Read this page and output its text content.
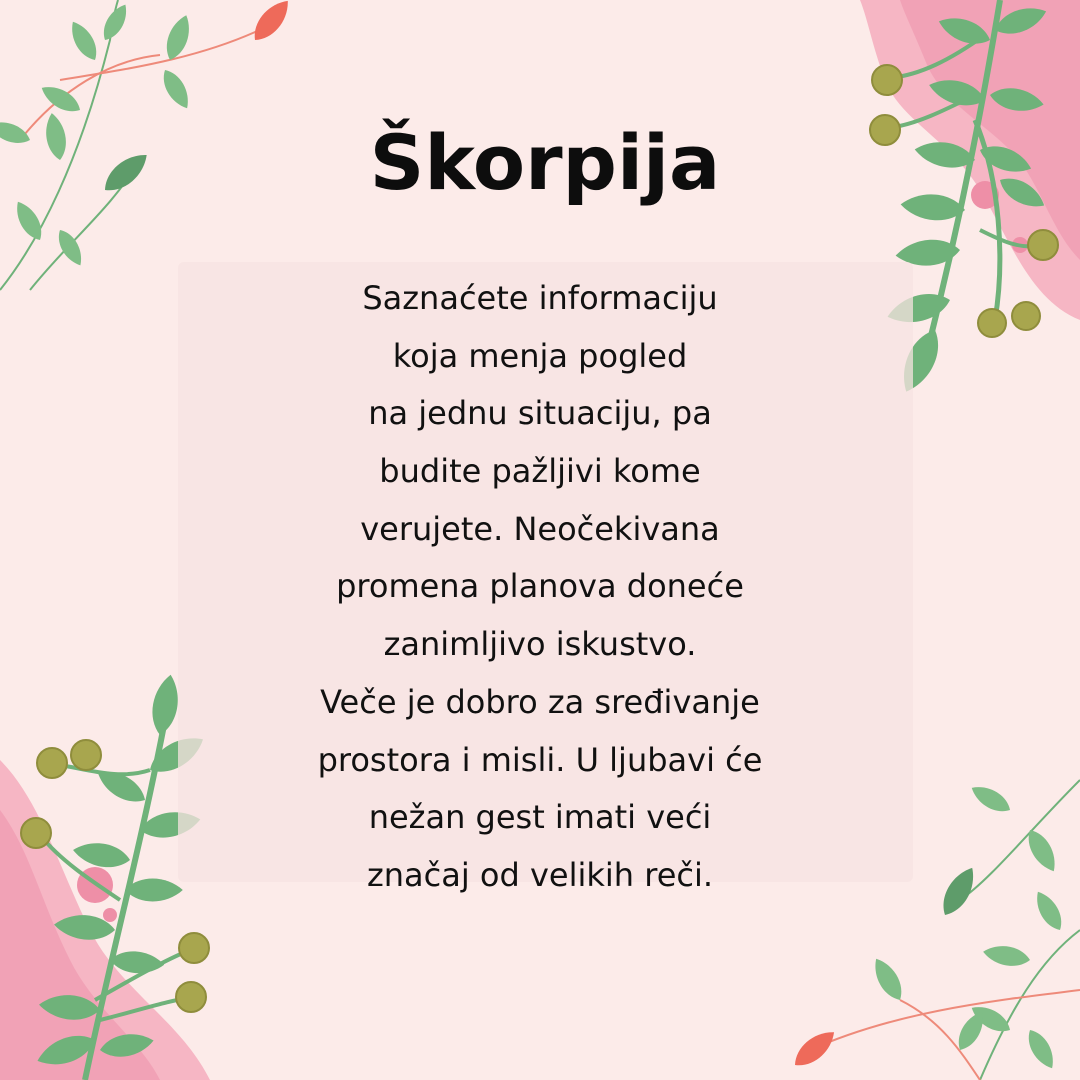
Škorpija
Saznaćete informaciju
koja menja pogled
na jednu situaciju, pa
budite pažljivi kome
verujete. Neočekivana
promena planova doneće
zanimljivo iskustvo.
Veče je dobro za sređivanje
prostora i misli. U ljubavi će
nežan gest imati veći
značaj od velikih reči.
